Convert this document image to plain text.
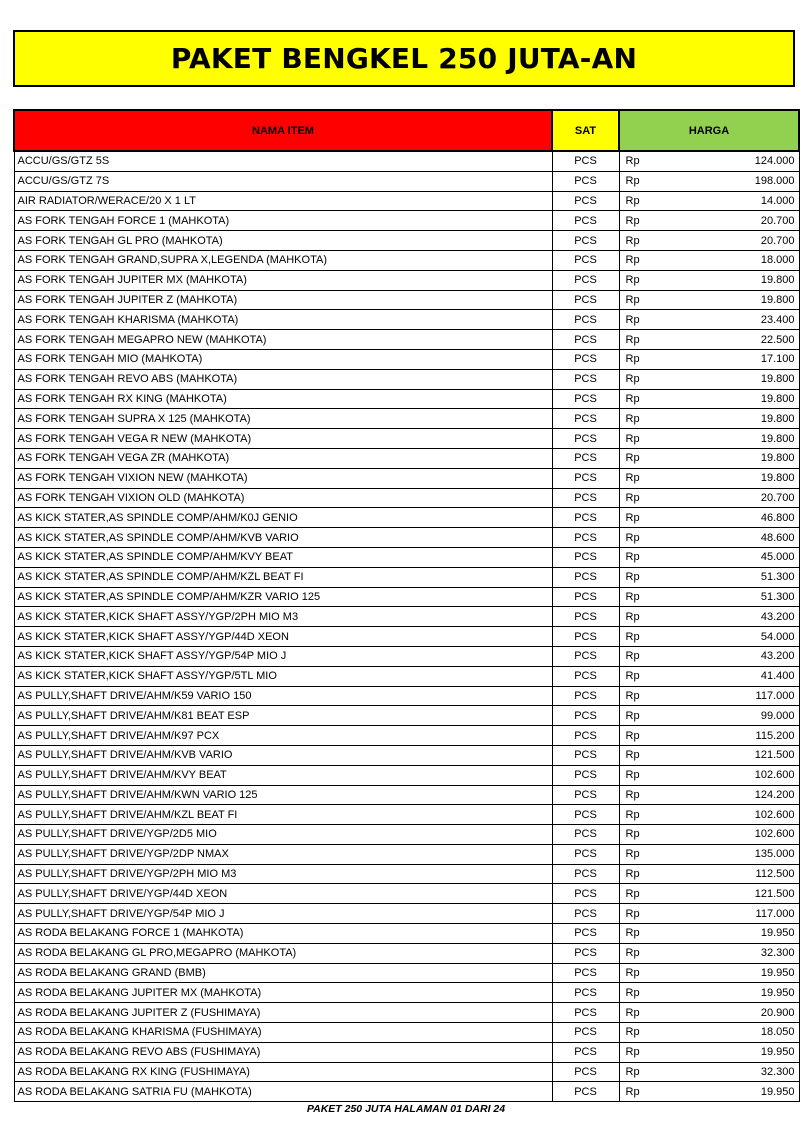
PAKET BENGKEL 250 JUTA-AN
NAMA ITEM	SAT	HARGA	
ACCU/GS/GTZ 5S	PCS	Rp	124.000
ACCU/GS/GTZ 7S	PCS	Rp	198.000
AIR RADIATOR/WERACE/20 X 1 LT	PCS	Rp	14.000
AS FORK TENGAH FORCE 1 (MAHKOTA)	PCS	Rp	20.700
AS FORK TENGAH GL PRO (MAHKOTA)	PCS	Rp	20.700
AS FORK TENGAH GRAND,SUPRA X,LEGENDA (MAHKOTA)	PCS	Rp	18.000
AS FORK TENGAH JUPITER MX (MAHKOTA)	PCS	Rp	19.800
AS FORK TENGAH JUPITER Z (MAHKOTA)	PCS	Rp	19.800
AS FORK TENGAH KHARISMA (MAHKOTA)	PCS	Rp	23.400
AS FORK TENGAH MEGAPRO NEW (MAHKOTA)	PCS	Rp	22.500
AS FORK TENGAH MIO (MAHKOTA)	PCS	Rp	17.100
AS FORK TENGAH REVO ABS (MAHKOTA)	PCS	Rp	19.800
AS FORK TENGAH RX KING (MAHKOTA)	PCS	Rp	19.800
AS FORK TENGAH SUPRA X 125 (MAHKOTA)	PCS	Rp	19.800
AS FORK TENGAH VEGA R NEW (MAHKOTA)	PCS	Rp	19.800
AS FORK TENGAH VEGA ZR (MAHKOTA)	PCS	Rp	19.800
AS FORK TENGAH VIXION NEW (MAHKOTA)	PCS	Rp	19.800
AS FORK TENGAH VIXION OLD (MAHKOTA)	PCS	Rp	20.700
AS KICK STATER,AS SPINDLE COMP/AHM/K0J GENIO	PCS	Rp	46.800
AS KICK STATER,AS SPINDLE COMP/AHM/KVB VARIO	PCS	Rp	48.600
AS KICK STATER,AS SPINDLE COMP/AHM/KVY BEAT	PCS	Rp	45.000
AS KICK STATER,AS SPINDLE COMP/AHM/KZL BEAT FI	PCS	Rp	51.300
AS KICK STATER,AS SPINDLE COMP/AHM/KZR VARIO 125	PCS	Rp	51.300
AS KICK STATER,KICK SHAFT ASSY/YGP/2PH MIO M3	PCS	Rp	43.200
AS KICK STATER,KICK SHAFT ASSY/YGP/44D XEON	PCS	Rp	54.000
AS KICK STATER,KICK SHAFT ASSY/YGP/54P MIO J	PCS	Rp	43.200
AS KICK STATER,KICK SHAFT ASSY/YGP/5TL MIO	PCS	Rp	41.400
AS PULLY,SHAFT DRIVE/AHM/K59 VARIO 150	PCS	Rp	117.000
AS PULLY,SHAFT DRIVE/AHM/K81 BEAT ESP	PCS	Rp	99.000
AS PULLY,SHAFT DRIVE/AHM/K97 PCX	PCS	Rp	115.200
AS PULLY,SHAFT DRIVE/AHM/KVB VARIO	PCS	Rp	121.500
AS PULLY,SHAFT DRIVE/AHM/KVY BEAT	PCS	Rp	102.600
AS PULLY,SHAFT DRIVE/AHM/KWN VARIO 125	PCS	Rp	124.200
AS PULLY,SHAFT DRIVE/AHM/KZL BEAT FI	PCS	Rp	102.600
AS PULLY,SHAFT DRIVE/YGP/2D5 MIO	PCS	Rp	102.600
AS PULLY,SHAFT DRIVE/YGP/2DP NMAX	PCS	Rp	135.000
AS PULLY,SHAFT DRIVE/YGP/2PH MIO M3	PCS	Rp	112.500
AS PULLY,SHAFT DRIVE/YGP/44D XEON	PCS	Rp	121.500
AS PULLY,SHAFT DRIVE/YGP/54P MIO J	PCS	Rp	117.000
AS RODA BELAKANG FORCE 1 (MAHKOTA)	PCS	Rp	19.950
AS RODA BELAKANG GL PRO,MEGAPRO (MAHKOTA)	PCS	Rp	32.300
AS RODA BELAKANG GRAND (BMB)	PCS	Rp	19.950
AS RODA BELAKANG JUPITER MX (MAHKOTA)	PCS	Rp	19.950
AS RODA BELAKANG JUPITER Z (FUSHIMAYA)	PCS	Rp	20.900
AS RODA BELAKANG KHARISMA (FUSHIMAYA)	PCS	Rp	18.050
AS RODA BELAKANG REVO ABS (FUSHIMAYA)	PCS	Rp	19.950
AS RODA BELAKANG RX KING (FUSHIMAYA)	PCS	Rp	32.300
AS RODA BELAKANG SATRIA FU (MAHKOTA)	PCS	Rp	19.950
PAKET 250 JUTA HALAMAN 01 DARI 24
